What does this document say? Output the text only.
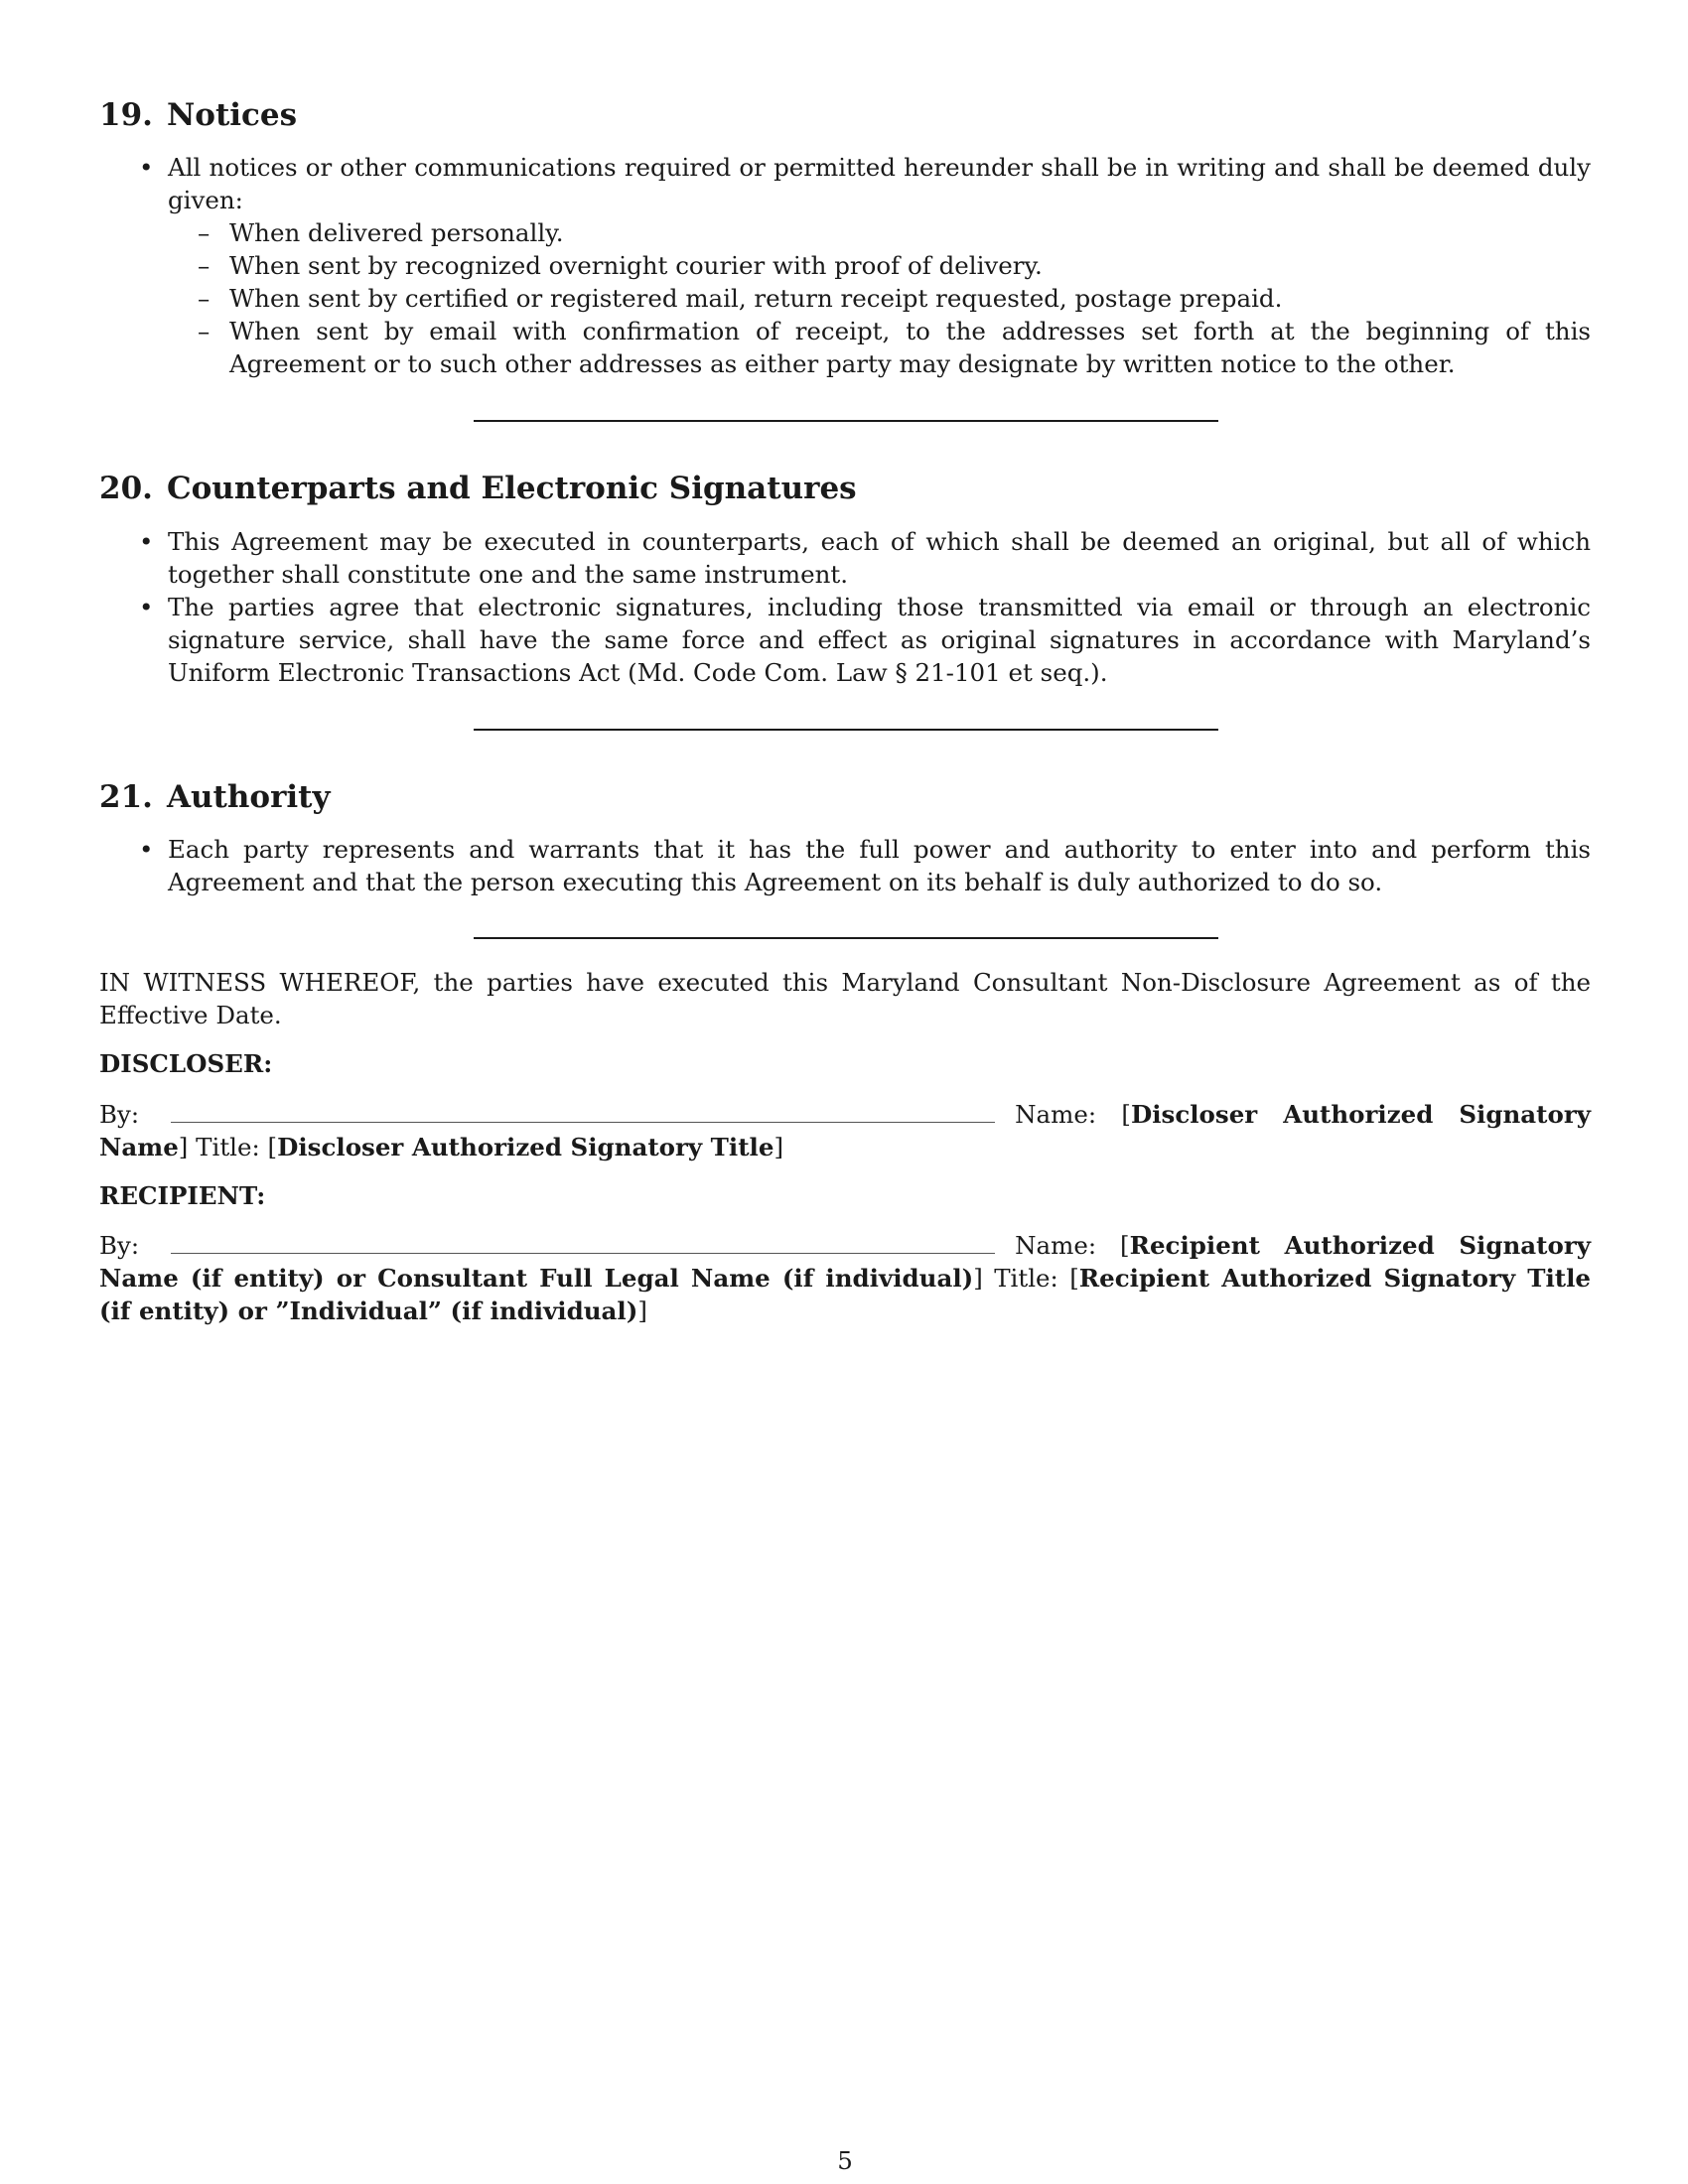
19. Notices
• All notices or other communications required or permitted hereunder shall be in writing and shall be deemed duly given:
– When delivered personally.
– When sent by recognized overnight courier with proof of delivery.
– When sent by certified or registered mail, return receipt requested, postage prepaid.
– When sent by email with confirmation of receipt, to the addresses set forth at the beginning of this Agreement or to such other addresses as either party may designate by written notice to the other.
20. Counterparts and Electronic Signatures
• This Agreement may be executed in counterparts, each of which shall be deemed an original, but all of which together shall constitute one and the same instrument.
• The parties agree that electronic signatures, including those transmitted via email or through an electronic signature service, shall have the same force and effect as original signatures in accordance with Maryland’s Uniform Electronic Transactions Act (Md. Code Com. Law § 21-101 et seq.).
21. Authority
• Each party represents and warrants that it has the full power and authority to enter into and perform this Agreement and that the person executing this Agreement on its behalf is duly authorized to do so.

IN WITNESS WHEREOF, the parties have executed this Maryland Consultant Non-Disclosure Agreement as of the Effective Date.

DISCLOSER:

By:	Name: [Discloser Authorized Signatory
Name] Title: [Discloser Authorized Signatory Title]

RECIPIENT:

By:	Name: [Recipient Authorized Signatory
Name (if entity) or Consultant Full Legal Name (if individual)] Title: [Recipient Authorized Signatory Title
(if entity) or ”Individual” (if individual)]
5
